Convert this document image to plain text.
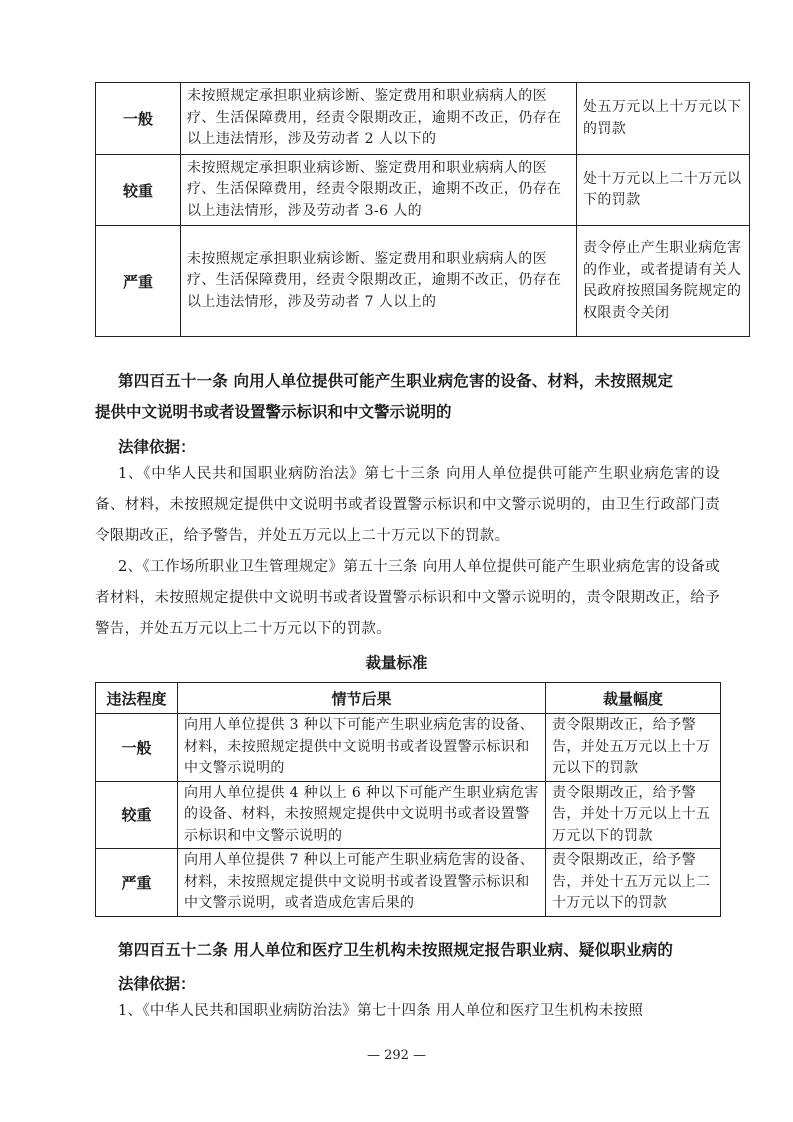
一般	未按照规定承担职业病诊断、鉴定费用和职业病病人的医疗、生活保障费用，经责令限期改正，逾期不改正，仍存在以上违法情形，涉及劳动者 2 人以下的	处五万元以上十万元以下的罚款
较重	未按照规定承担职业病诊断、鉴定费用和职业病病人的医疗、生活保障费用，经责令限期改正，逾期不改正，仍存在以上违法情形，涉及劳动者 3-6 人的	处十万元以上二十万元以下的罚款
严重	未按照规定承担职业病诊断、鉴定费用和职业病病人的医疗、生活保障费用，经责令限期改正，逾期不改正，仍存在以上违法情形，涉及劳动者 7 人以上的	责令停止产生职业病危害的作业，或者提请有关人民政府按照国务院规定的权限责令关闭
第四百五十一条 向用人单位提供可能产生职业病危害的设备、材料，未按照规定
提供中文说明书或者设置警示标识和中文警示说明的
法律依据：
1、《中华人民共和国职业病防治法》第七十三条 向用人单位提供可能产生职业病危害的设备、材料，未按照规定提供中文说明书或者设置警示标识和中文警示说明的，由卫生行政部门责令限期改正，给予警告，并处五万元以上二十万元以下的罚款。
2、《工作场所职业卫生管理规定》第五十三条 向用人单位提供可能产生职业病危害的设备或者材料，未按照规定提供中文说明书或者设置警示标识和中文警示说明的，责令限期改正，给予警告，并处五万元以上二十万元以下的罚款。
裁量标准
违法程度	情节后果	裁量幅度
一般	向用人单位提供 3 种以下可能产生职业病危害的设备、材料，未按照规定提供中文说明书或者设置警示标识和中文警示说明的	责令限期改正，给予警告，并处五万元以上十万元以下的罚款
较重	向用人单位提供 4 种以上 6 种以下可能产生职业病危害的设备、材料，未按照规定提供中文说明书或者设置警示标识和中文警示说明的	责令限期改正，给予警告，并处十万元以上十五万元以下的罚款
严重	向用人单位提供 7 种以上可能产生职业病危害的设备、材料，未按照规定提供中文说明书或者设置警示标识和中文警示说明，或者造成危害后果的	责令限期改正，给予警告，并处十五万元以上二十万元以下的罚款
第四百五十二条 用人单位和医疗卫生机构未按照规定报告职业病、疑似职业病的
法律依据：
1、《中华人民共和国职业病防治法》第七十四条 用人单位和医疗卫生机构未按照
— 292 —
